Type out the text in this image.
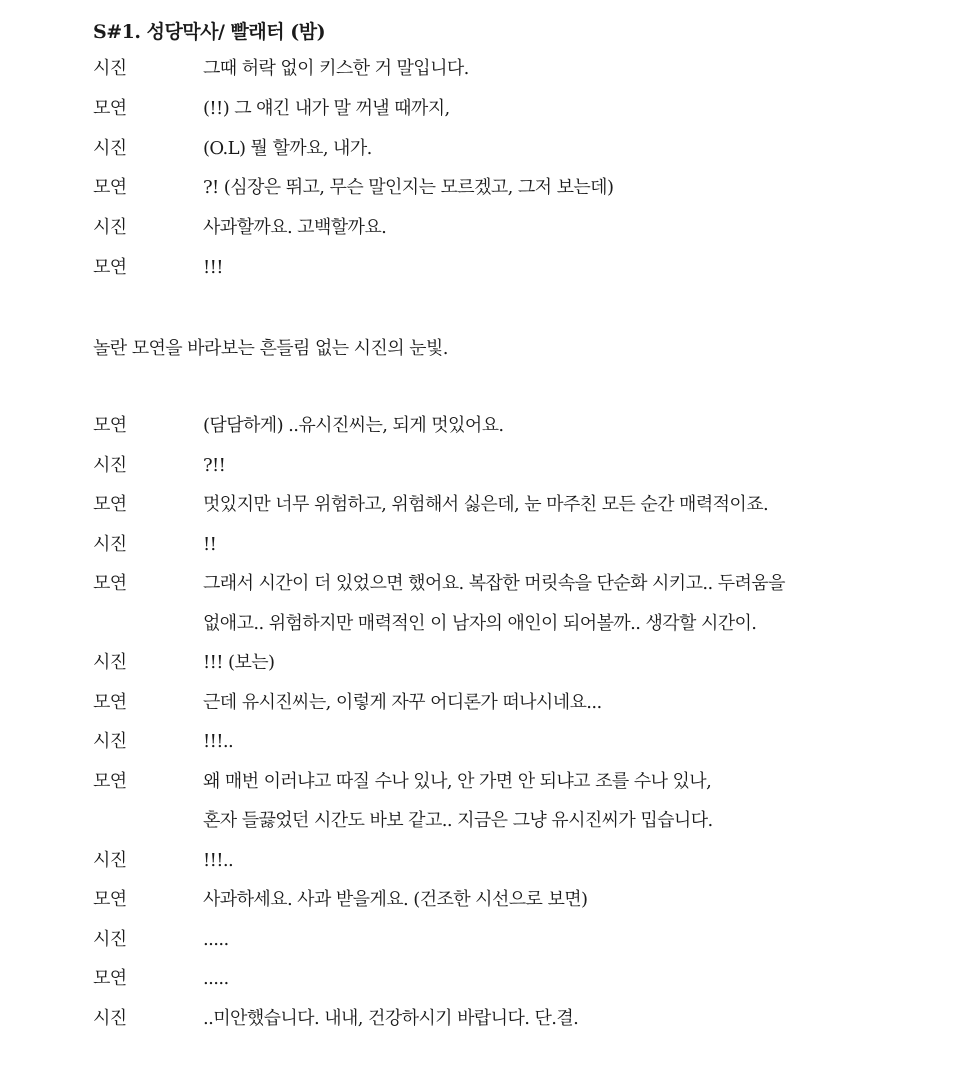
S#1. 성당막사/ 빨래터 (밤)
시진	그때 허락 없이 키스한 거 말입니다.
모연	(!!) 그 얘긴 내가 말 꺼낼 때까지,
시진	(O.L) 뭘 할까요, 내가.
모연	?! (심장은 뛰고, 무슨 말인지는 모르겠고, 그저 보는데)
시진	사과할까요. 고백할까요.
모연	!!!
놀란 모연을 바라보는 흔들림 없는 시진의 눈빛.
모연	(담담하게) ..유시진씨는, 되게 멋있어요.
시진	?!!
모연	멋있지만 너무 위험하고, 위험해서 싫은데, 눈 마주친 모든 순간 매력적이죠.
시진	!!
모연	그래서 시간이 더 있었으면 했어요. 복잡한 머릿속을 단순화 시키고.. 두려움을
없애고.. 위험하지만 매력적인 이 남자의 애인이 되어볼까.. 생각할 시간이.
시진	!!! (보는)
모연	근데 유시진씨는, 이렇게 자꾸 어디론가 떠나시네요...
시진	!!!..
모연	왜 매번 이러냐고 따질 수나 있나, 안 가면 안 되냐고 조를 수나 있나,
혼자 들끓었던 시간도 바보 같고.. 지금은 그냥 유시진씨가 밉습니다.
시진	!!!..
모연	사과하세요. 사과 받을게요. (건조한 시선으로 보면)
시진	.....
모연	.....
시진	..미안했습니다. 내내, 건강하시기 바랍니다. 단.결.
